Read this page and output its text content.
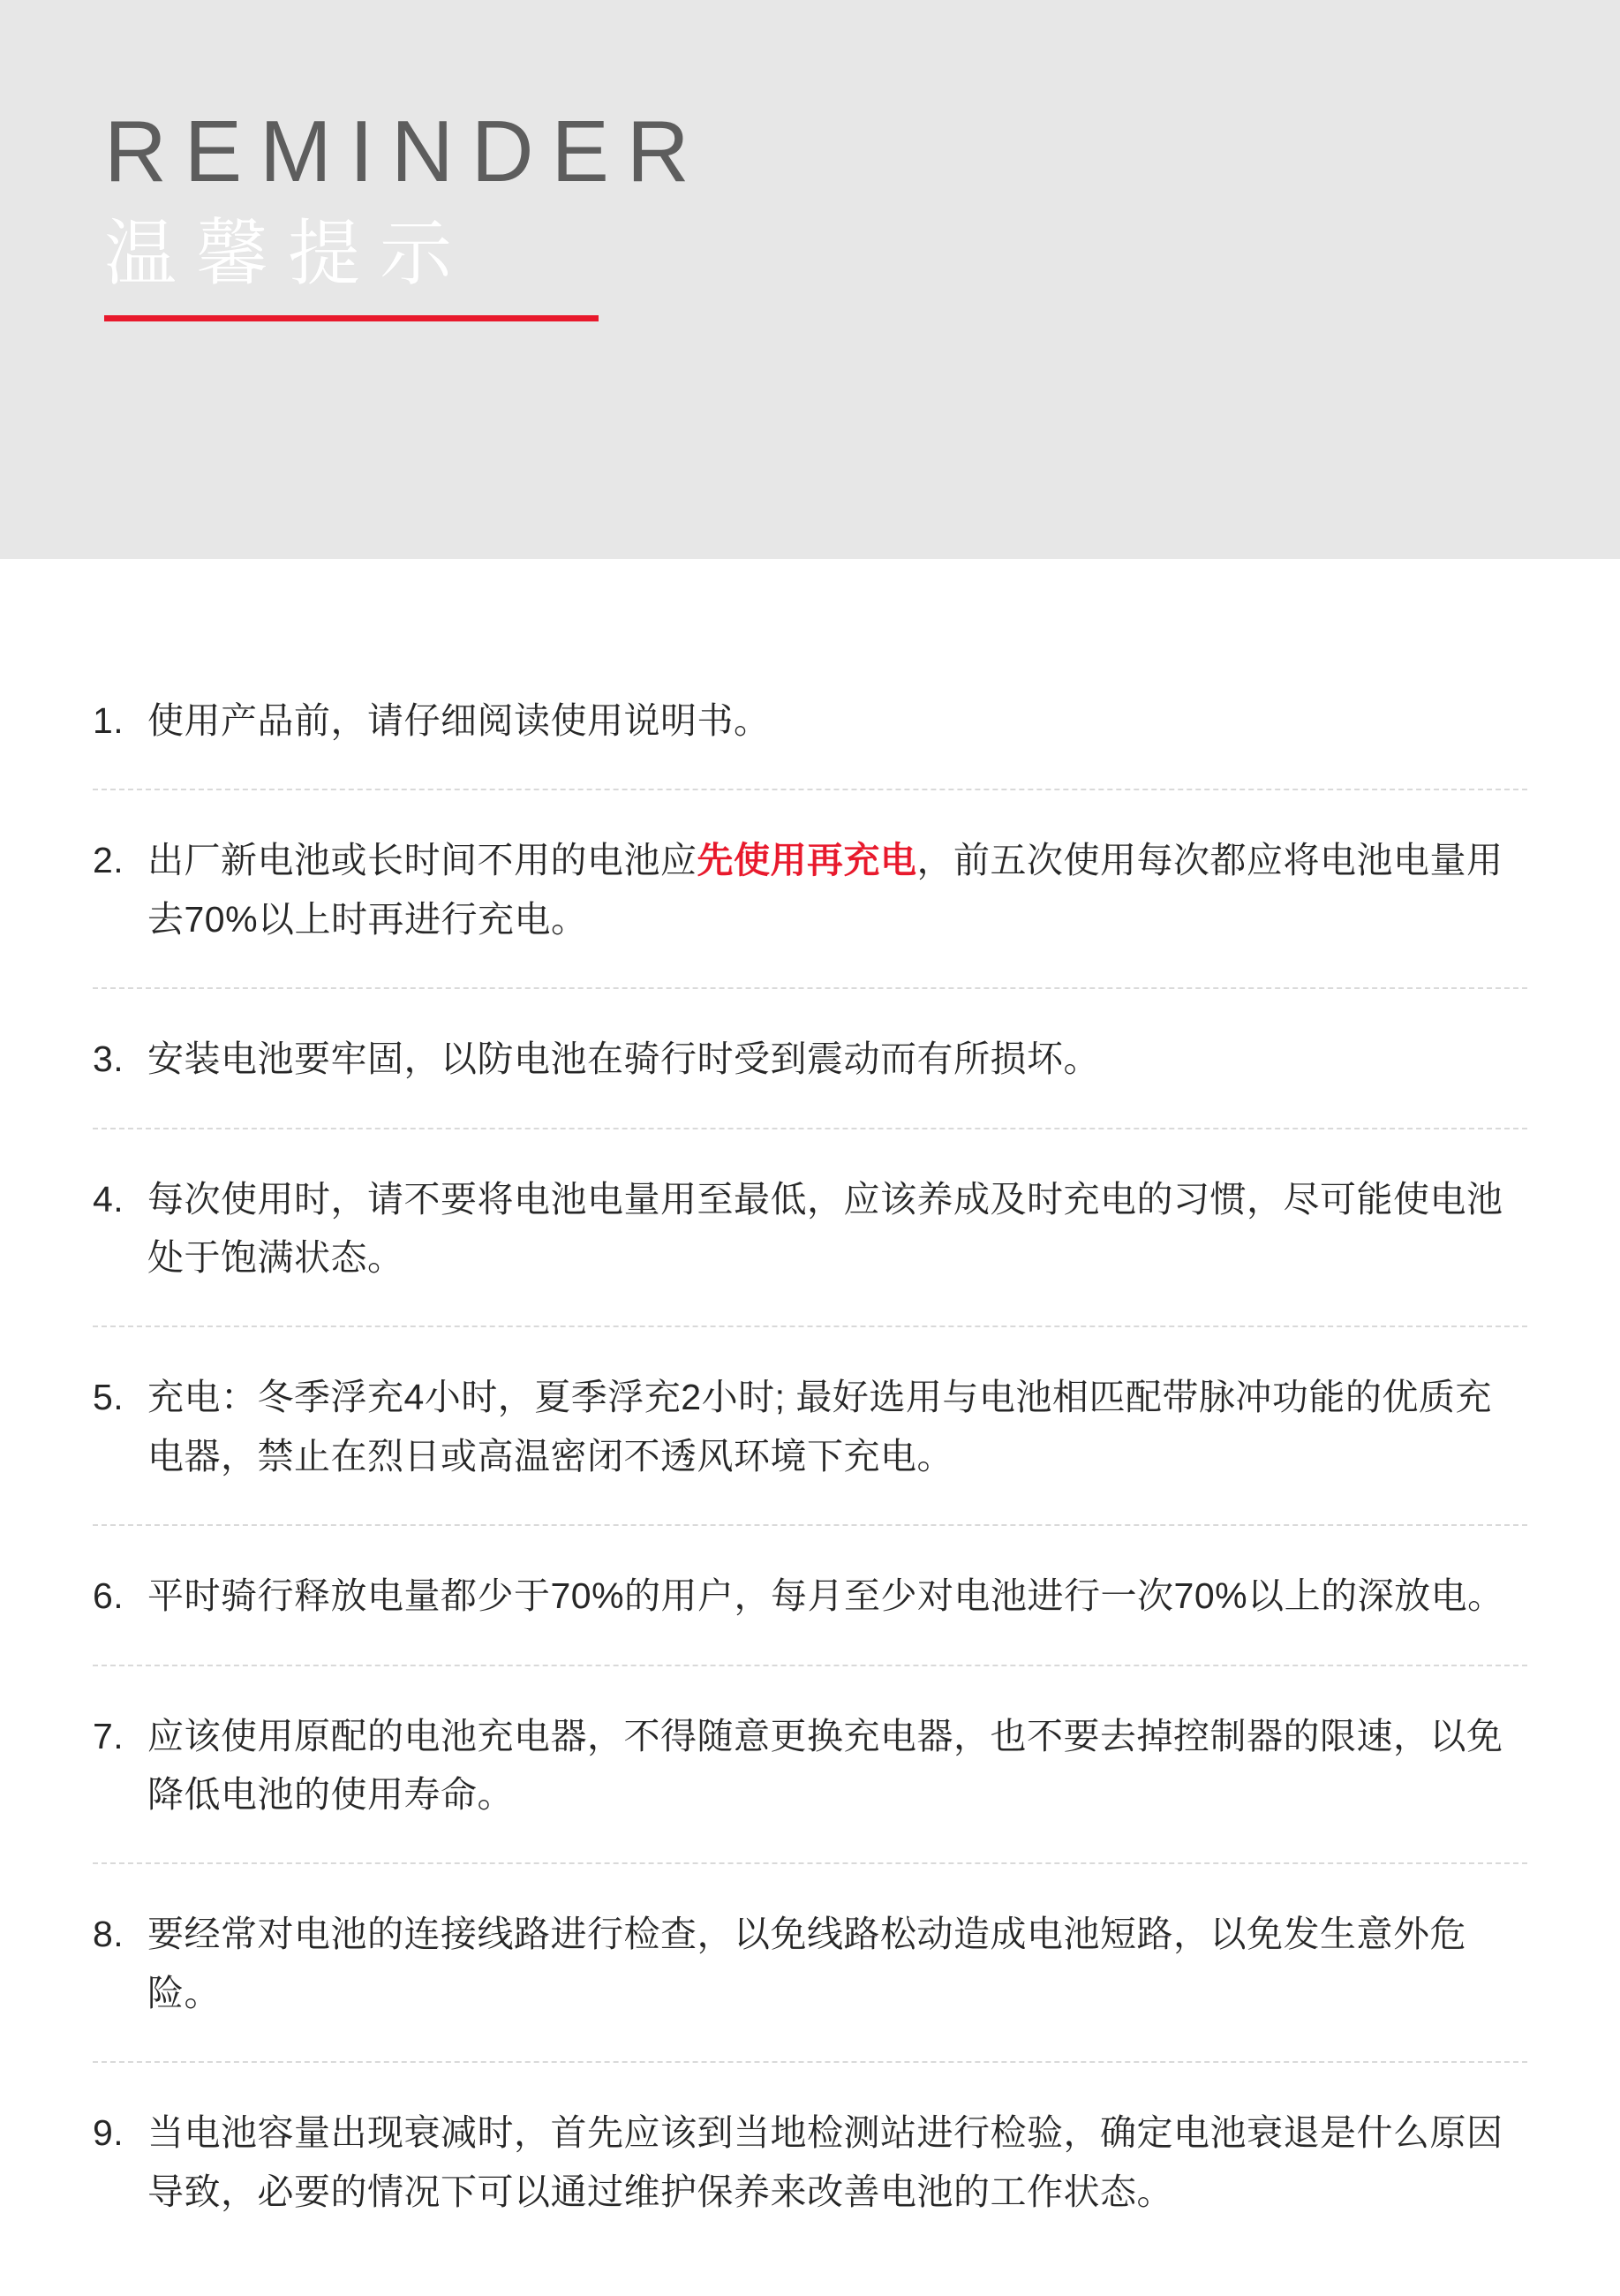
REMINDER
温馨提示
1. 使用产品前，请仔细阅读使用说明书。
2. 出厂新电池或长时间不用的电池应先使用再充电，前五次使用每次都应将电池电量用去70%以上时再进行充电。
3. 安装电池要牢固，以防电池在骑行时受到震动而有所损坏。
4. 每次使用时，请不要将电池电量用至最低，应该养成及时充电的习惯，尽可能使电池处于饱满状态。
5. 充电：冬季浮充4小时，夏季浮充2小时; 最好选用与电池相匹配带脉冲功能的优质充电器，禁止在烈日或高温密闭不透风环境下充电。
6. 平时骑行释放电量都少于70%的用户，每月至少对电池进行一次70%以上的深放电。
7. 应该使用原配的电池充电器，不得随意更换充电器，也不要去掉控制器的限速，以免降低电池的使用寿命。
8. 要经常对电池的连接线路进行检查，以免线路松动造成电池短路，以免发生意外危险。
9. 当电池容量出现衰减时，首先应该到当地检测站进行检验，确定电池衰退是什么原因导致，必要的情况下可以通过维护保养来改善电池的工作状态。
